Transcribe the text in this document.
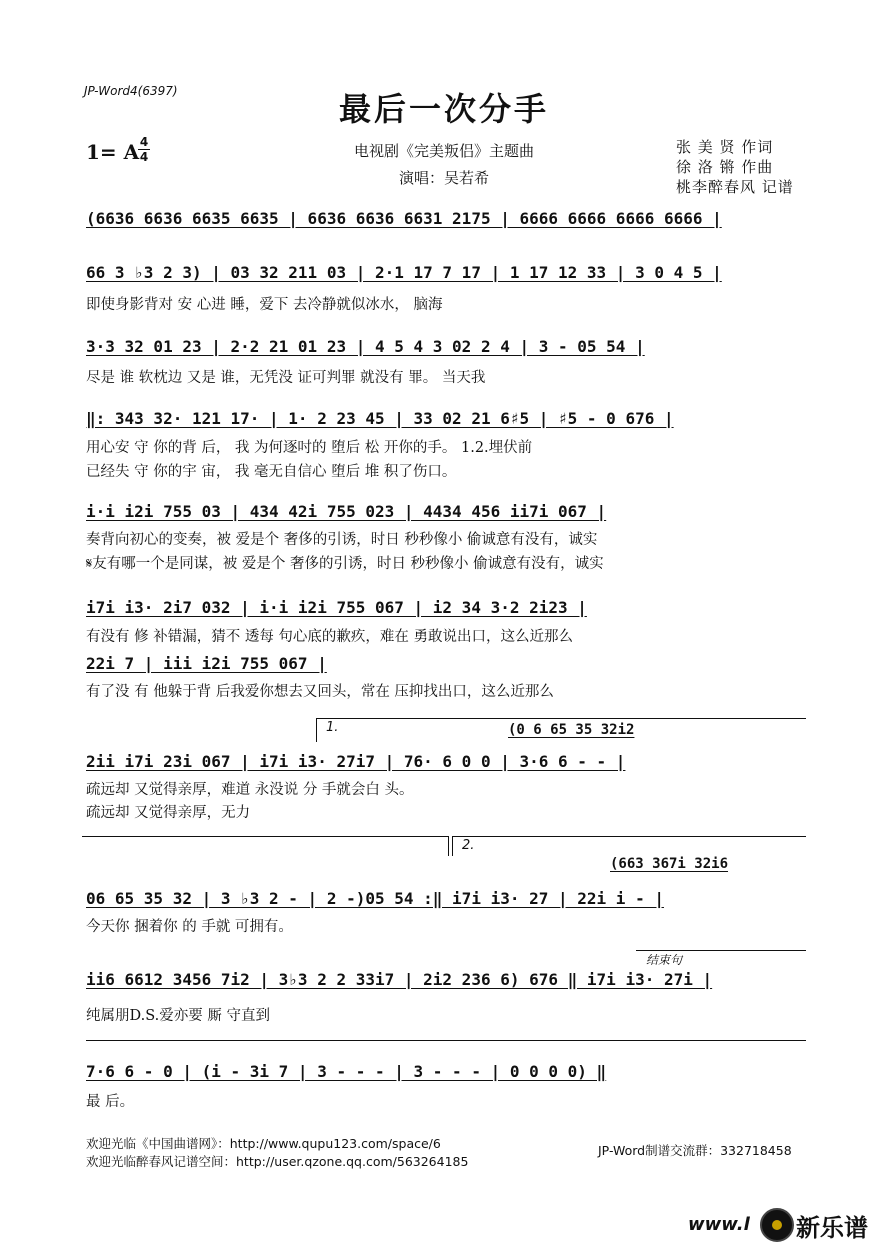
JP-Word4(6397)	最后一次分手
1= A 4
4	电视剧《完美叛侣》主题曲
演唱：吴若希
张 美 贤 作词
徐 洛 锵 作曲
桃李醉春风 记谱
(6636 6636 6635 6635 | 6636 6636 6631 2175 | 6666 6666 6666 6666 |
66 3 ♭3 2 3) | 03 32 211 03 | 2·1 17 7 17 | 1 17 12 33 | 3 0 4 5 |
即使身影背对 安 心进 睡，爱下 去冷静就似冰水， 脑海
3·3 32 01 23 | 2·2 21 01 23 | 4 5 4 3 02 2 4 | 3 - 05 54 |
尽是 谁 软枕边 又是 谁，无凭没 证可判罪 就没有 罪。 当天我
‖: 343 32· 121 17· | 1· 2 23 45 | 33 02 21 6♯5 | ♯5 - 0 676 |
用心安 守 你的背 后， 我 为何逐吋的 堕后 松 开你的手。 1.2.埋伏前
已经失 守 你的宇 宙， 我 毫无自信心 堕后 堆 积了伤口。
i·i i2i 755 03 | 434 42i 755 023 | 4434 456 ii7i 067 |
奏背向初心的变奏，被 爱是个 奢侈的引诱，时日 秒秒像小 偷诚意有没有，诚实
𝄋友有哪一个是同谋，被 爱是个 奢侈的引诱，时日 秒秒像小 偷诚意有没有，诚实
i7i i3· 2i7 032 | i·i i2i 755 067 | i2 34 3·2 2i23 |
有没有 修 补错漏，猜不 透每 句心底的歉疚，难在 勇敢说出口，这么近那么
22i 7 | iii i2i 755 067 |
有了没 有 他躲于背 后我爱你想去又回头，常在 压抑找出口，这么近那么
1.	(0 6 65 35 32i2
2ii i7i 23i 067 | i7i i3· 27i7 | 76· 6 0 0 | 3·6 6 - - |
疏远却 又觉得亲厚，难道 永没说 分 手就会白 头。
疏远却 又觉得亲厚，无力
2.
(663 367i 32i6
06 65 35 32 | 3 ♭3 2 - | 2 -)05 54 :‖ i7i i3· 27 | 22i i - |
今天你 捆着你 的 手就 可拥有。
结束句
ii6 6612 3456 7i2 | 3♭3 2 2 33i7 | 2i2 236 6) 676 ‖ i7i i3· 27i |
纯属朋D.S.爱亦要 厮 守直到
7·6 6 - 0 | (i - 3i 7 | 3 - - - | 3 - - - | 0 0 0 0) ‖
最 后。
欢迎光临《中国曲谱网》：http://www.qupu123.com/space/6
欢迎光临醉春风记谱空间：http://user.qzone.qq.com/563264185
JP-Word制谱交流群：332718458
www.l 新乐谱
